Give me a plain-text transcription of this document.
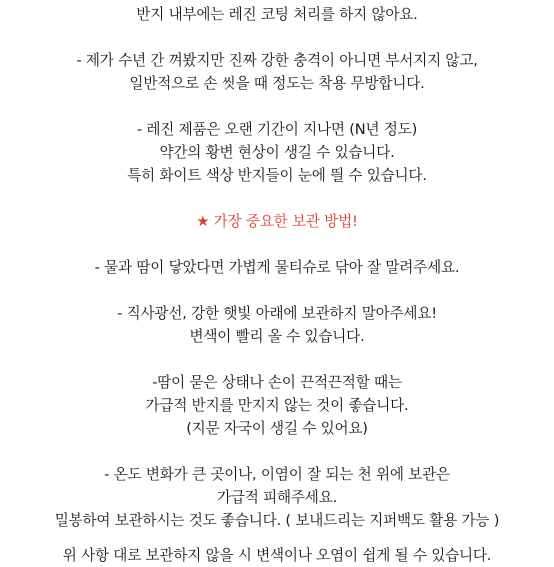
반지 내부에는 레진 코팅 처리를 하지 않아요.
- 제가 수년 간 껴봤지만 진짜 강한 충격이 아니면 부서지지 않고,
일반적으로 손 씻을 때 정도는 착용 무방합니다.
- 레진 제품은 오랜 기간이 지나면 (N년 정도)
약간의 황변 현상이 생길 수 있습니다.
특히 화이트 색상 반지들이 눈에 띌 수 있습니다.
★ 가장 중요한 보관 방법!
- 물과 땀이 닿았다면 가볍게 물티슈로 닦아 잘 말려주세요.
- 직사광선, 강한 햇빛 아래에 보관하지 말아주세요!
변색이 빨리 올 수 있습니다.
-땀이 묻은 상태나 손이 끈적끈적할 때는
가급적 반지를 만지지 않는 것이 좋습니다.
(지문 자국이 생길 수 있어요)
- 온도 변화가 큰 곳이나, 이염이 잘 되는 천 위에 보관은
가급적 피해주세요.
밀봉하여 보관하시는 것도 좋습니다. ( 보내드리는 지퍼백도 활용 가능 )
위 사항 대로 보관하지 않을 시 변색이나 오염이 쉽게 될 수 있습니다.
